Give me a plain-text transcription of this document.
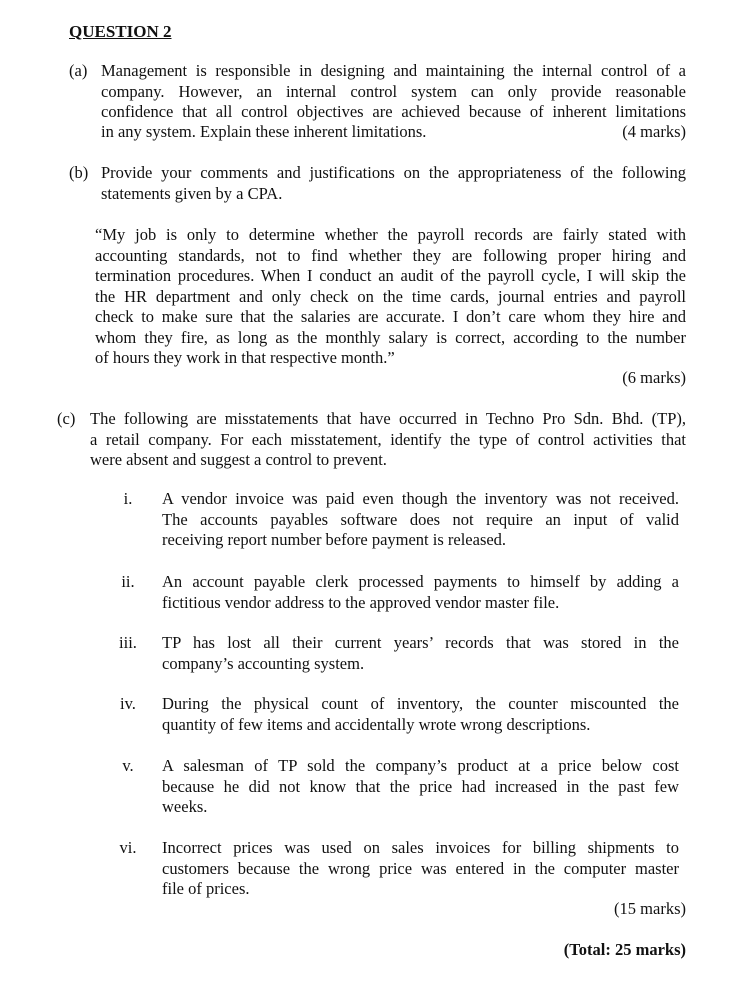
QUESTION 2
(a) Management is responsible in designing and maintaining the internal control of a
company. However, an internal control system can only provide reasonable
confidence that all control objectives are achieved because of inherent limitations
in any system. Explain these inherent limitations.	(4 marks)
(b) Provide your comments and justifications on the appropriateness of the following
statements given by a CPA.
“My job is only to determine whether the payroll records are fairly stated with
accounting standards, not to find whether they are following proper hiring and
termination procedures. When I conduct an audit of the payroll cycle, I will skip the
the HR department and only check on the time cards, journal entries and payroll
check to make sure that the salaries are accurate. I don’t care whom they hire and
whom they fire, as long as the monthly salary is correct, according to the number
of hours they work in that respective month.”
(6 marks)
(c) The following are misstatements that have occurred in Techno Pro Sdn. Bhd. (TP),
a retail company. For each misstatement, identify the type of control activities that
were absent and suggest a control to prevent.
i.	A vendor invoice was paid even though the inventory was not received.
The accounts payables software does not require an input of valid
receiving report number before payment is released.
ii.	An account payable clerk processed payments to himself by adding a
fictitious vendor address to the approved vendor master file.
iii.	TP has lost all their current years’ records that was stored in the
company’s accounting system.
iv.	During the physical count of inventory, the counter miscounted the
quantity of few items and accidentally wrote wrong descriptions.
v.	A salesman of TP sold the company’s product at a price below cost
because he did not know that the price had increased in the past few
weeks.
vi.	Incorrect prices was used on sales invoices for billing shipments to
customers because the wrong price was entered in the computer master
file of prices.
(15 marks)
(Total: 25 marks)
